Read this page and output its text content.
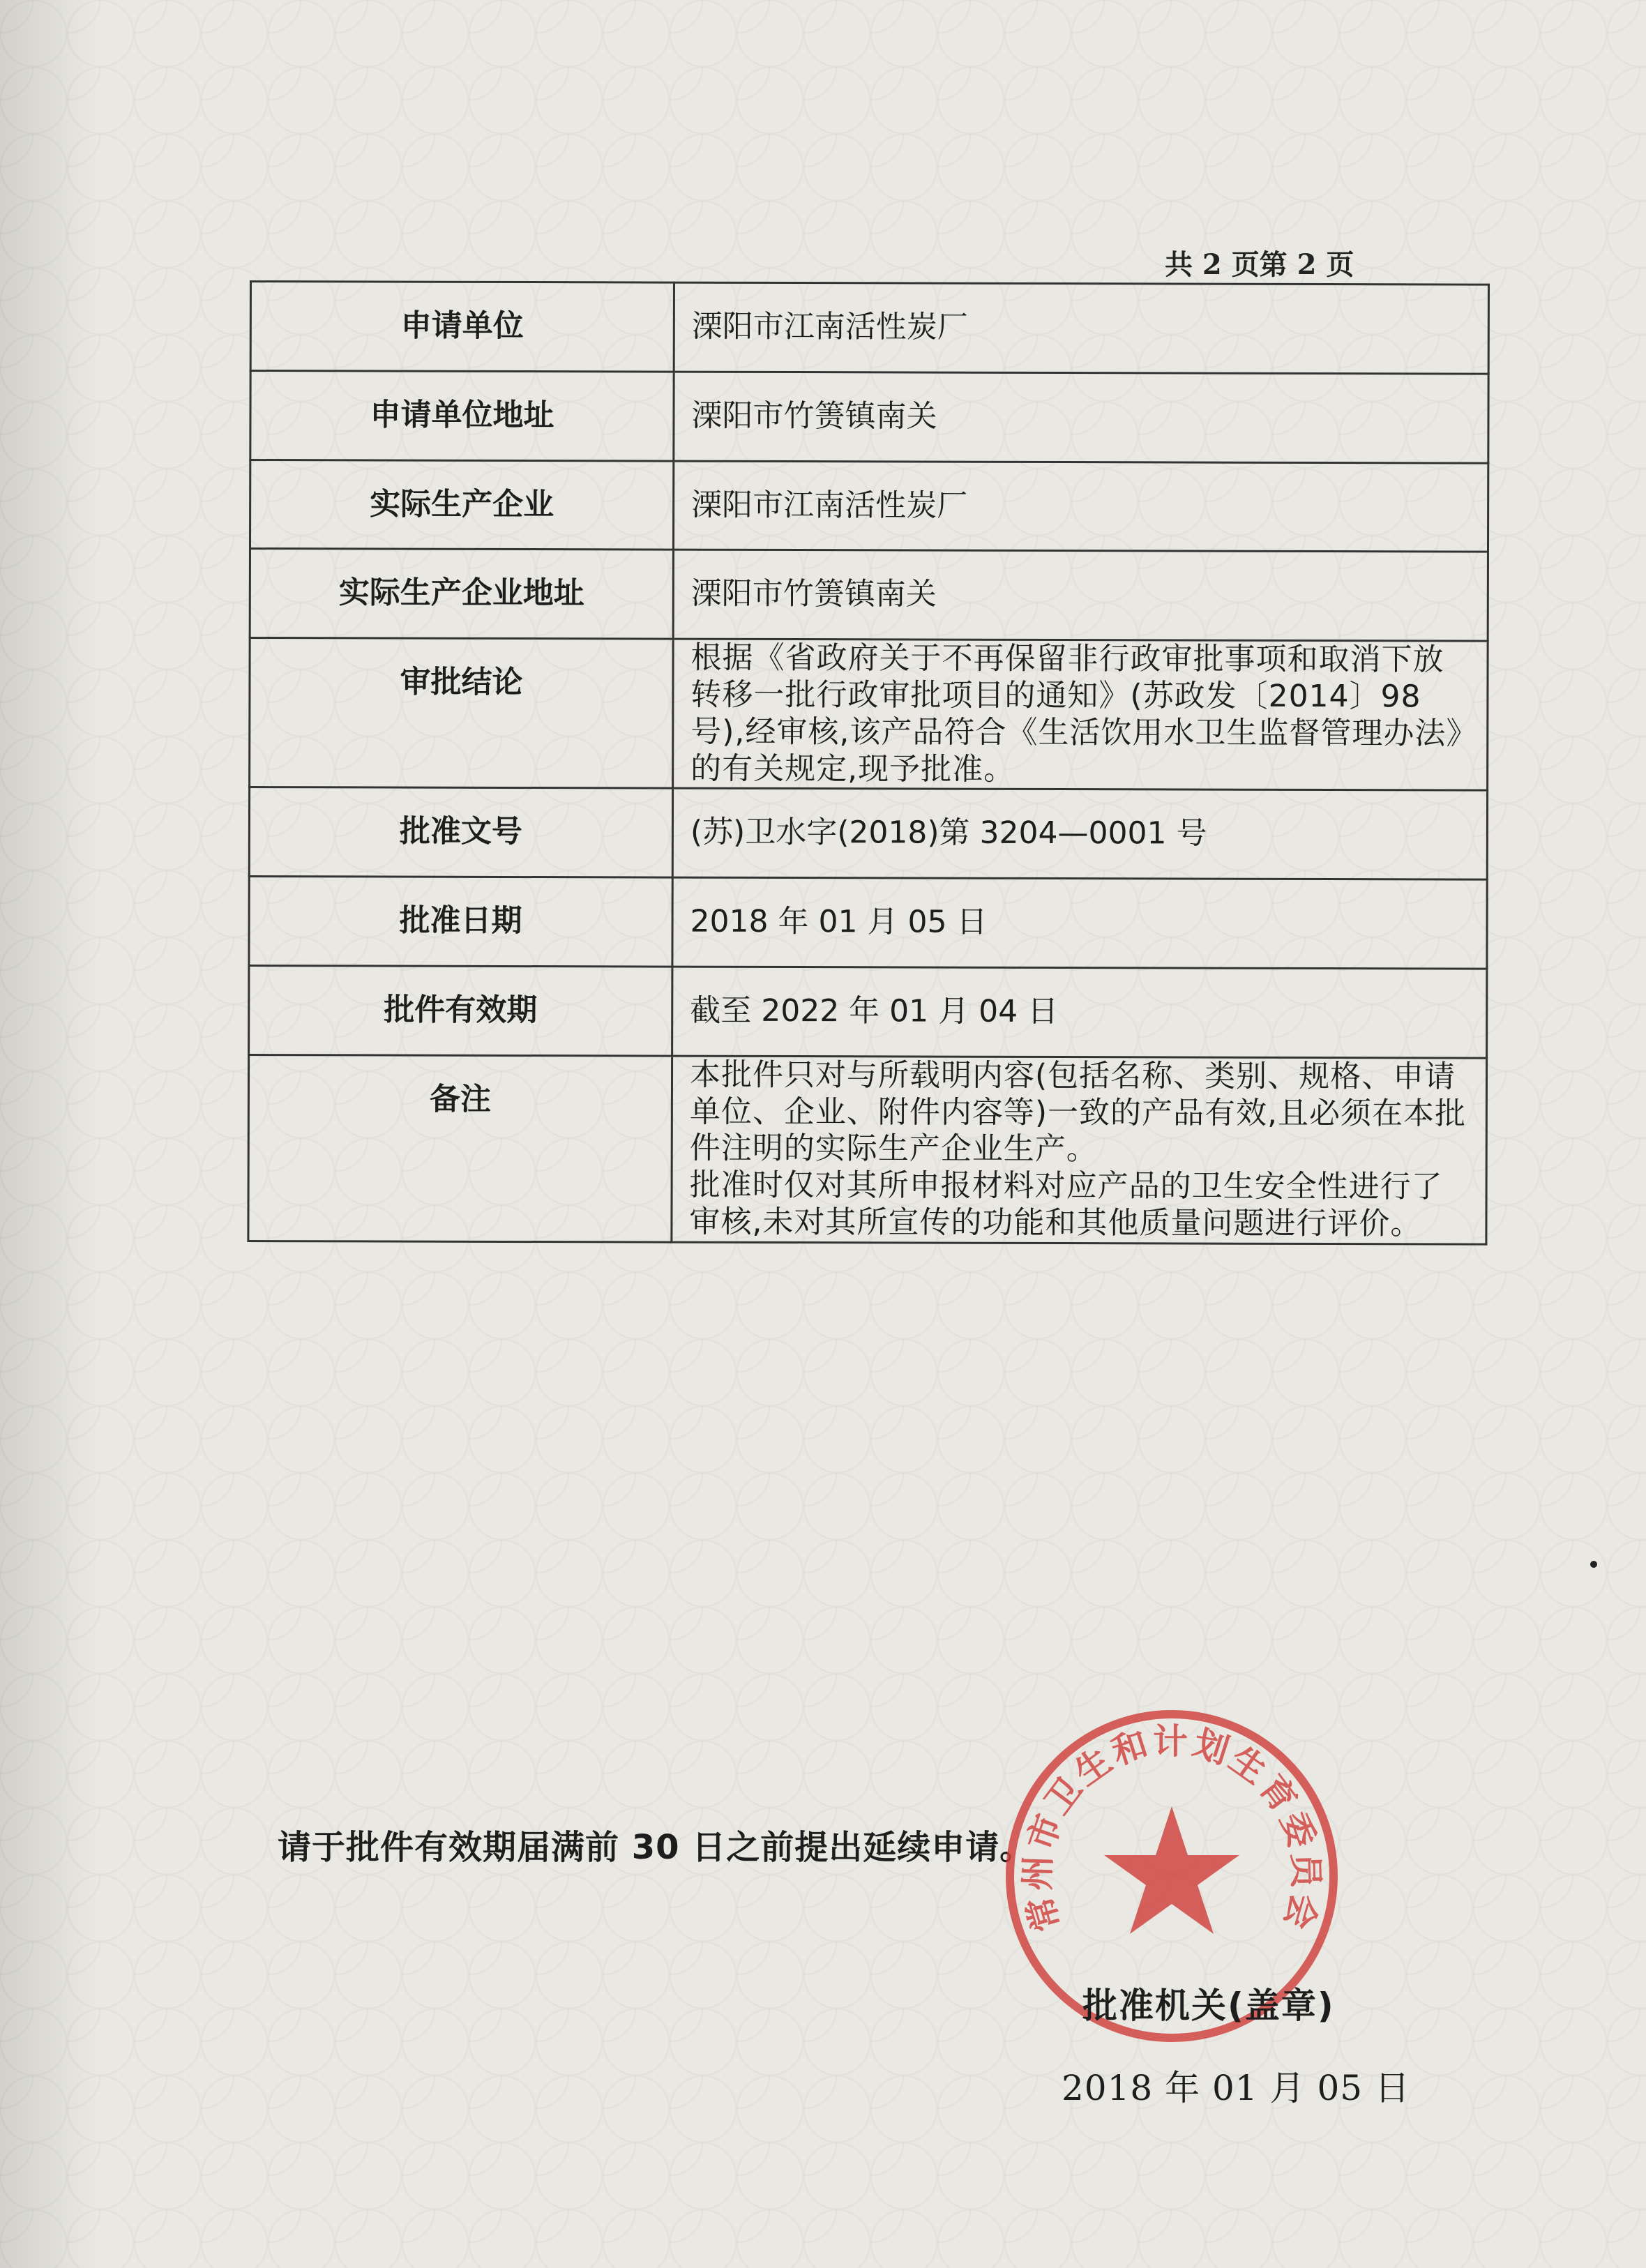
共 2 页第 2 页
申请单位	溧阳市江南活性炭厂
申请单位地址	溧阳市竹箦镇南关
实际生产企业	溧阳市江南活性炭厂
实际生产企业地址	溧阳市竹箦镇南关
审批结论	根据《省政府关于不再保留非行政审批事项和取消下放转移一批行政审批项目的通知》(苏政发〔2014〕98 号),经审核,该产品符合《生活饮用水卫生监督管理办法》的有关规定,现予批准。
批准文号	(苏)卫水字(2018)第 3204—0001 号
批准日期	2018 年 01 月 05 日
批件有效期	截至 2022 年 01 月 04 日
备注	本批件只对与所载明内容(包括名称、类别、规格、申请单位、企业、附件内容等)一致的产品有效,且必须在本批件注明的实际生产企业生产。

批准时仅对其所申报材料对应产品的卫生安全性进行了审核,未对其所宣传的功能和其他质量问题进行评价。

请于批件有效期届满前 30 日之前提出延续申请。
常州市卫生和计划生育委员会
批准机关(盖章)
2018 年 01 月 05 日
